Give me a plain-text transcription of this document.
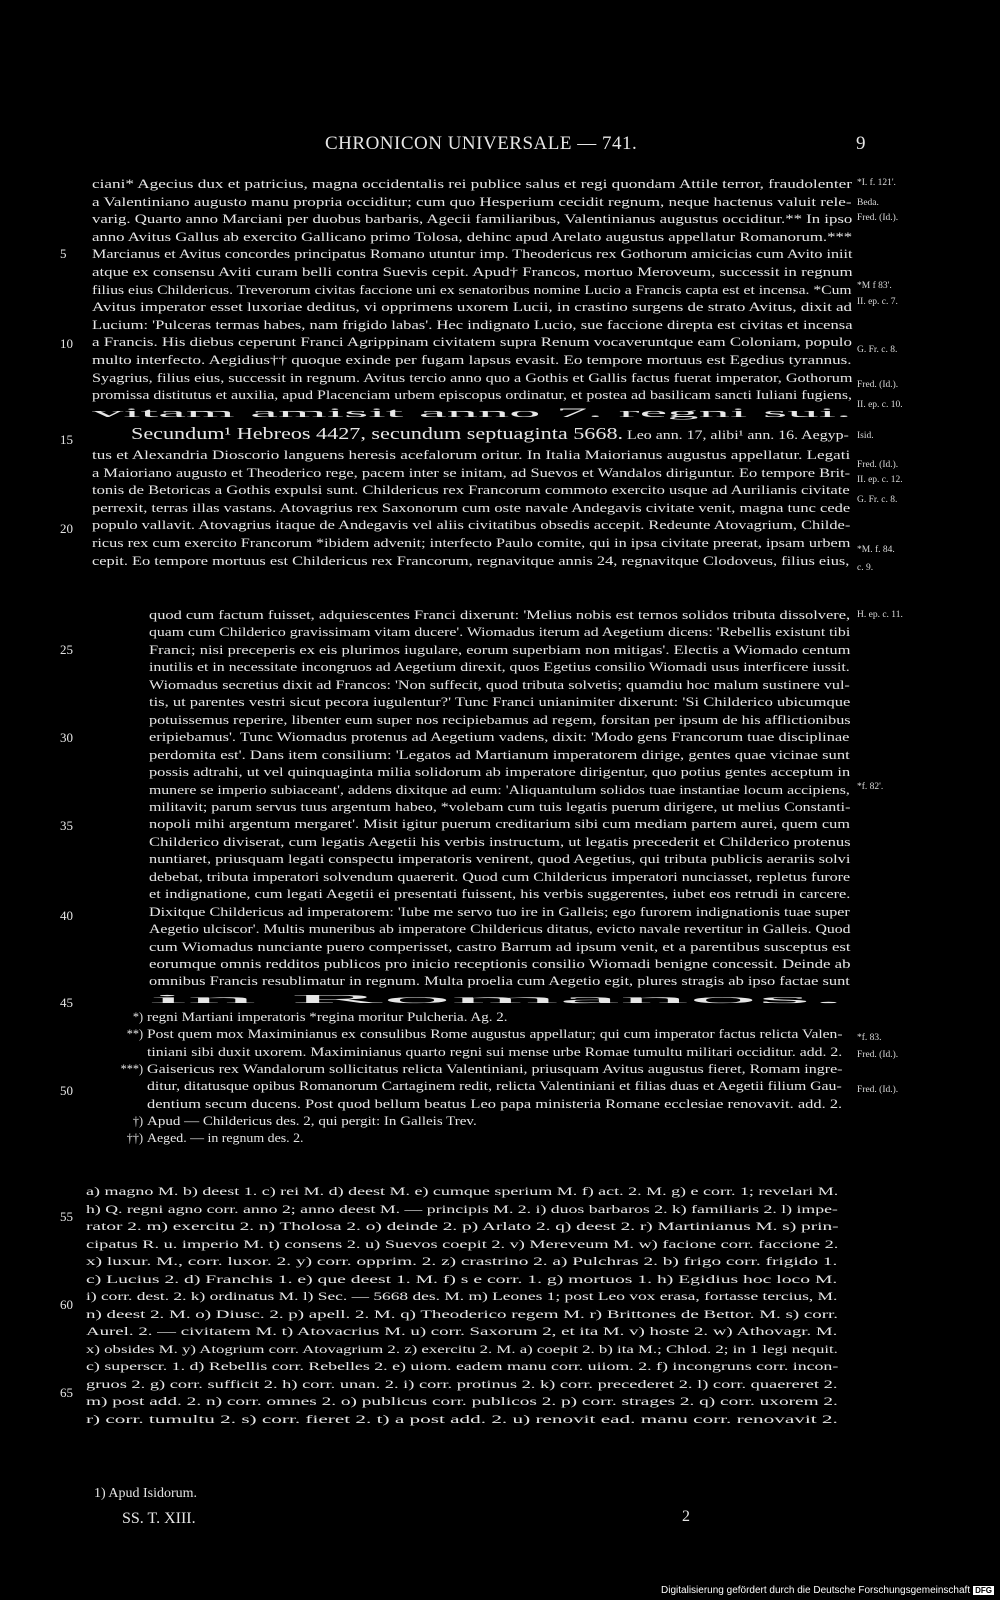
CHRONICON UNIVERSALE — 741.	9
ciani* Agecius dux et patricius, magna occidentalis rei publice salus et regi quondam Attile terror, fraudolenter
a Valentiniano augusto manu propria occiditur; cum quo Hesperium cecidit regnum, neque hactenus valuit rele-
varig. Quarto anno Marciani per duobus barbaris, Agecii familiaribus, Valentinianus augustus occiditur.** In ipso
anno Avitus Gallus ab exercito Gallicano primo Tolosa, dehinc apud Arelato augustus appellatur Romanorum.***
Marcianus et Avitus concordes principatus Romano utuntur imp. Theodericus rex Gothorum amicicias cum Avito iniit
atque ex consensu Aviti curam belli contra Suevis cepit. Apud† Francos, mortuo Meroveum, successit in regnum
filius eius Childericus. Treverorum civitas faccione uni ex senatoribus nomine Lucio a Francis capta est et incensa. *Cum
Avitus imperator esset luxoriae deditus, vi opprimens uxorem Lucii, in crastino surgens de strato Avitus, dixit ad
Lucium: 'Pulceras termas habes, nam frigido labas'. Hec indignato Lucio, sue faccione direpta est civitas et incensa
a Francis. His diebus ceperunt Franci Agrippinam civitatem supra Renum vocaveruntque eam Coloniam, populo
multo interfecto. Aegidius†† quoque exinde per fugam lapsus evasit. Eo tempore mortuus est Egedius tyrannus.
Syagrius, filius eius, successit in regnum. Avitus tercio anno quo a Gothis et Gallis factus fuerat imperator, Gothorum
promissa distitutus et auxilia, apud Placenciam urbem episcopus ordinatur, et postea ad basilicam sancti Iuliani fugiens,
vitam amisit anno 7. regni sui.
Secundum¹ Hebreos 4427, secundum septuaginta 5668. Leo ann. 17, alibi¹ ann. 16. Aegyp-
tus et Alexandria Dioscorio languens heresis acefalorum oritur. In Italia Maiorianus augustus appellatur. Legati
a Maioriano augusto et Theoderico rege, pacem inter se initam, ad Suevos et Wandalos diriguntur. Eo tempore Brit-
tonis de Betoricas a Gothis expulsi sunt. Childericus rex Francorum commoto exercito usque ad Aurilianis civitate
perrexit, terras illas vastans. Atovagrius rex Saxonorum cum oste navale Andegavis civitate venit, magna tunc cede
populo vallavit. Atovagrius itaque de Andegavis vel aliis civitatibus obsedis accepit. Redeunte Atovagrium, Childe-
ricus rex cum exercito Francorum *ibidem advenit; interfecto Paulo comite, qui in ipsa civitate preerat, ipsam urbem
cepit. Eo tempore mortuus est Childericus rex Francorum, regnavitque annis 24, regnavitque Clodoveus, filius eius,
quod cum factum fuisset, adquiescentes Franci dixerunt: 'Melius nobis est ternos solidos tributa dissolvere,
quam cum Childerico gravissimam vitam ducere'. Wiomadus iterum ad Aegetium dicens: 'Rebellis existunt tibi
Franci; nisi preceperis ex eis plurimos iugulare, eorum superbiam non mitigas'. Electis a Wiomado centum
inutilis et in necessitate incongruos ad Aegetium direxit, quos Egetius consilio Wiomadi usus interficere iussit.
Wiomadus secretius dixit ad Francos: 'Non suffecit, quod tributa solvetis; quamdiu hoc malum sustinere vul-
tis, ut parentes vestri sicut pecora iugulentur?' Tunc Franci unianimiter dixerunt: 'Si Childerico ubicumque
potuissemus reperire, libenter eum super nos recipiebamus ad regem, forsitan per ipsum de his afflictionibus
eripiebamus'. Tunc Wiomadus protenus ad Aegetium vadens, dixit: 'Modo gens Francorum tuae disciplinae
perdomita est'. Dans item consilium: 'Legatos ad Martianum imperatorem dirige, gentes quae vicinae sunt
possis adtrahi, ut vel quinquaginta milia solidorum ab imperatore dirigentur, quo potius gentes acceptum in
munere se imperio subiaceant', addens dixitque ad eum: 'Aliquantulum solidos tuae instantiae locum accipiens,
militavit; parum servus tuus argentum habeo, *volebam cum tuis legatis puerum dirigere, ut melius Constanti-
nopoli mihi argentum mergaret'. Misit igitur puerum creditarium sibi cum mediam partem aurei, quem cum
Childerico diviserat, cum legatis Aegetii his verbis instructum, ut legatis precederit et Childerico protenus
nuntiaret, priusquam legati conspectu imperatoris venirent, quod Aegetius, qui tributa publicis aerariis solvi
debebat, tributa imperatori solvendum quaererit. Quod cum Childericus imperatori nunciasset, repletus furore
et indignatione, cum legati Aegetii ei presentati fuissent, his verbis suggerentes, iubet eos retrudi in carcere.
Dixitque Childericus ad imperatorem: 'Iube me servo tuo ire in Galleis; ego furorem indignationis tuae super
Aegetio ulciscor'. Multis muneribus ab imperatore Childericus ditatus, evicto navale revertitur in Galleis. Quod
cum Wiomadus nunciante puero comperisset, castro Barrum ad ipsum venit, et a parentibus susceptus est
eorumque omnis redditos publicos pro inicio receptionis consilio Wiomadi benigne concessit. Deinde ab
omnibus Francis resublimatur in regnum. Multa proelia cum Aegetio egit, plures stragis ab ipso factae sunt
in Romanos.
*) regni Martiani imperatoris *regina moritur Pulcheria. Ag. 2.
**) Post quem mox Maximinianus ex consulibus Rome augustus appellatur; qui cum imperator factus relicta Valen-
tiniani sibi duxit uxorem. Maximinianus quarto regni sui mense urbe Romae tumultu militari occiditur. add. 2.
***) Gaisericus rex Wandalorum sollicitatus relicta Valentiniani, priusquam Avitus augustus fieret, Romam ingre-
ditur, ditatusque opibus Romanorum Cartaginem redit, relicta Valentiniani et filias duas et Aegetii filium Gau-
dentium secum ducens. Post quod bellum beatus Leo papa ministeria Romane ecclesiae renovavit. add. 2.
†) Apud — Childericus des. 2, qui pergit: In Galleis Trev.
††) Aeged. — in regnum des. 2.
a) magno M. b) deest 1. c) rei M. d) deest M. e) cumque sperium M. f) act. 2. M. g) e corr. 1; revelari M.
h) Q. regni agno corr. anno 2; anno deest M. — principis M. 2. i) duos barbaros 2. k) familiaris 2. l) impe-
rator 2. m) exercitu 2. n) Tholosa 2. o) deinde 2. p) Arlato 2. q) deest 2. r) Martinianus M. s) prin-
cipatus R. u. imperio M. t) consens 2. u) Suevos coepit 2. v) Mereveum M. w) facione corr. faccione 2.
x) luxur. M., corr. luxor. 2. y) corr. opprim. 2. z) crastrino 2. a) Pulchras 2. b) frigo corr. frigido 1.
c) Lucius 2. d) Franchis 1. e) que deest 1. M. f) s e corr. 1. g) mortuos 1. h) Egidius hoc loco M.
i) corr. dest. 2. k) ordinatus M. l) Sec. — 5668 des. M. m) Leones 1; post Leo vox erasa, fortasse tercius, M.
n) deest 2. M. o) Diusc. 2. p) apell. 2. M. q) Theoderico regem M. r) Brittones de Bettor. M. s) corr.
Aurel. 2. — civitatem M. t) Atovacrius M. u) corr. Saxorum 2, et ita M. v) hoste 2. w) Athovagr. M.
x) obsides M. y) Atogrium corr. Atovagrium 2. z) exercitu 2. M. a) coepit 2. b) ita M.; Chlod. 2; in 1 legi nequit.
c) superscr. 1. d) Rebellis corr. Rebelles 2. e) uiom. eadem manu corr. uiiom. 2. f) incongruns corr. incon-
gruos 2. g) corr. sufficit 2. h) corr. unan. 2. i) corr. protinus 2. k) corr. precederet 2. l) corr. quaereret 2.
m) post add. 2. n) corr. omnes 2. o) publicus corr. publicos 2. p) corr. strages 2. q) corr. uxorem 2.
r) corr. tumultu 2. s) corr. fieret 2. t) a post add. 2. u) renovit ead. manu corr. renovavit 2.
5
10
15
20
25
30
35
40
45
50
55
60
65
*I. f. 121'.
Beda.
Fred. (Id.).
*M f 83'.
II. ep. c. 7.
G. Fr. c. 8.
Fred. (Id.).
II. ep. c. 10.
Isid.
Fred. (Id.).
II. ep. c. 12.
G. Fr. c. 8.
*M. f. 84.
c. 9.
H. ep. c. 11.
*f. 82'.
*f. 83.
Fred. (Id.).
Fred. (Id.).
1) Apud Isidorum.
SS. T. XIII.	2
Digitalisierung gefördert durch die Deutsche Forschungsgemeinschaft DFG
